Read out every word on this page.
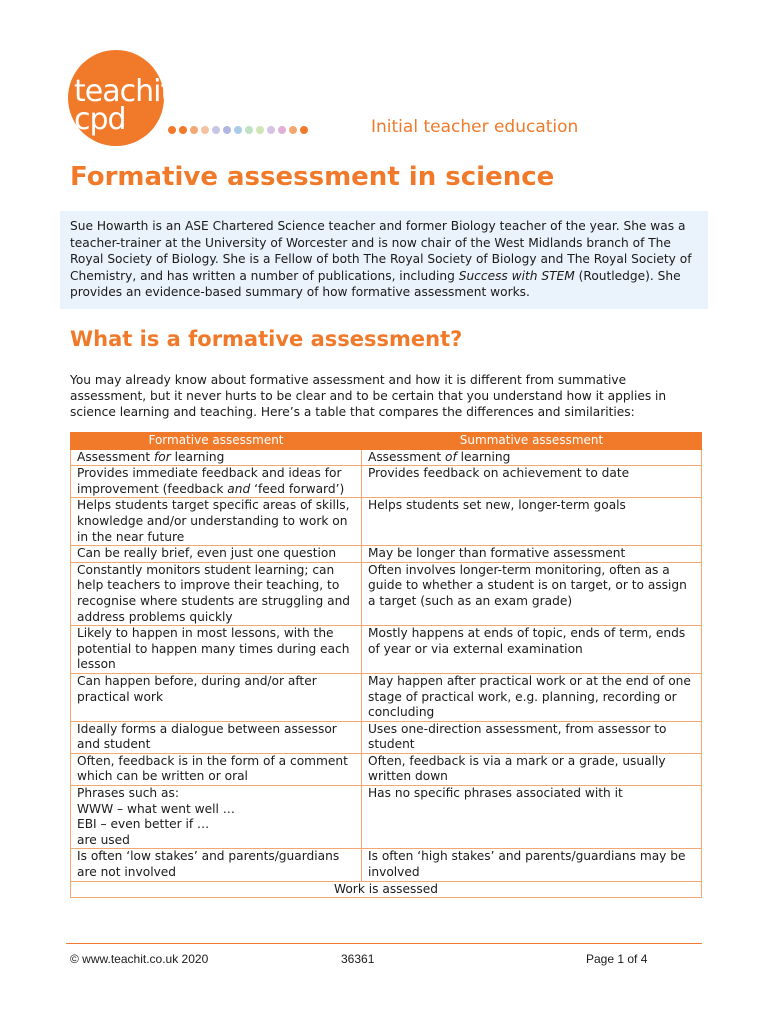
teachit
cpd	Initial teacher education
Formative assessment in science
Sue Howarth is an ASE Chartered Science teacher and former Biology teacher of the year. She was a teacher-trainer at the University of Worcester and is now chair of the West Midlands branch of The Royal Society of Biology. She is a Fellow of both The Royal Society of Biology and The Royal Society of Chemistry, and has written a number of publications, including Success with STEM (Routledge). She provides an evidence-based summary of how formative assessment works.
What is a formative assessment?

You may already know about formative assessment and how it is different from summative assessment, but it never hurts to be clear and to be certain that you understand how it applies in science learning and teaching. Here’s a table that compares the differences and similarities:

Formative assessment	Summative assessment
Assessment for learning	Assessment of learning
Provides immediate feedback and ideas for improvement (feedback and ‘feed forward’)	Provides feedback on achievement to date
Helps students target specific areas of skills, knowledge and/or understanding to work on in the near future	Helps students set new, longer-term goals
Can be really brief, even just one question	May be longer than formative assessment
Constantly monitors student learning; can help teachers to improve their teaching, to recognise where students are struggling and address problems quickly	Often involves longer-term monitoring, often as a guide to whether a student is on target, or to assign a target (such as an exam grade)
Likely to happen in most lessons, with the potential to happen many times during each lesson	Mostly happens at ends of topic, ends of term, ends of year or via external examination
Can happen before, during and/or after practical work	May happen after practical work or at the end of one stage of practical work, e.g. planning, recording or concluding
Ideally forms a dialogue between assessor and student	Uses one-direction assessment, from assessor to student
Often, feedback is in the form of a comment which can be written or oral	Often, feedback is via a mark or a grade, usually written down

Phrases such as:
WWW – what went well …
EBI – even better if …
are used	Has no specific phrases associated with it
Is often ‘low stakes’ and parents/guardians are not involved	Is often ‘high stakes’ and parents/guardians may be involved
Work is assessed	
© www.teachit.co.uk 2020	36361	Page 1 of 4
